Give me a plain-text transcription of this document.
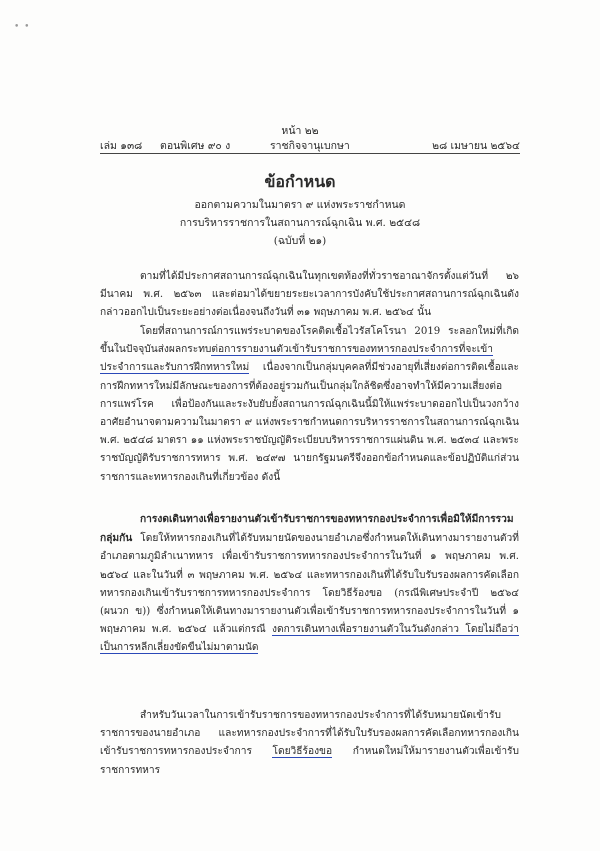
• •
หน้า ๒๒
เล่ม ๑๓๘ ตอนพิเศษ ๙๐ ง	ราชกิจจานุเบกษา	๒๘ เมษายน ๒๕๖๔
ข้อกำหนด
ออกตามความในมาตรา ๙ แห่งพระราชกำหนด
การบริหารราชการในสถานการณ์ฉุกเฉิน พ.ศ. ๒๕๔๘
(ฉบับที่ ๒๑)
ตามที่ได้มีประกาศสถานการณ์ฉุกเฉินในทุกเขตท้องที่ทั่วราชอาณาจักรตั้งแต่วันที่ ๒๖ มีนาคม พ.ศ. ๒๕๖๓ และต่อมาได้ขยายระยะเวลาการบังคับใช้ประกาศสถานการณ์ฉุกเฉินดังกล่าวออกไปเป็นระยะอย่างต่อเนื่องจนถึงวันที่ ๓๑ พฤษภาคม พ.ศ. ๒๕๖๔ นั้น
โดยที่สถานการณ์การแพร่ระบาดของโรคติดเชื้อไวรัสโคโรนา 2019 ระลอกใหม่ที่เกิดขึ้นในปัจจุบันส่งผลกระทบต่อการรายงานตัวเข้ารับราชการของทหารกองประจำการที่จะเข้าประจำการและรับการฝึกทหารใหม่ เนื่องจากเป็นกลุ่มบุคคลที่มีช่วงอายุที่เสี่ยงต่อการติดเชื้อและการฝึกทหารใหม่มีลักษณะของการที่ต้องอยู่รวมกันเป็นกลุ่มใกล้ชิดซึ่งอาจทำให้มีความเสี่ยงต่อการแพร่โรค เพื่อป้องกันและระงับยับยั้งสถานการณ์ฉุกเฉินนี้มิให้แพร่ระบาดออกไปเป็นวงกว้าง อาศัยอำนาจตามความในมาตรา ๙ แห่งพระราชกำหนดการบริหารราชการในสถานการณ์ฉุกเฉิน พ.ศ. ๒๕๔๘ มาตรา ๑๑ แห่งพระราชบัญญัติระเบียบบริหารราชการแผ่นดิน พ.ศ. ๒๕๓๔ และพระราชบัญญัติรับราชการทหาร พ.ศ. ๒๔๙๗ นายกรัฐมนตรีจึงออกข้อกำหนดและข้อปฏิบัติแก่ส่วนราชการและทหารกองเกินที่เกี่ยวข้อง ดังนี้
การงดเดินทางเพื่อรายงานตัวเข้ารับราชการของทหารกองประจำการเพื่อมิให้มีการรวมกลุ่มกัน โดยให้ทหารกองเกินที่ได้รับหมายนัดของนายอำเภอซึ่งกำหนดให้เดินทางมารายงานตัวที่อำเภอตามภูมิลำเนาทหาร เพื่อเข้ารับราชการทหารกองประจำการในวันที่ ๑ พฤษภาคม พ.ศ. ๒๕๖๔ และในวันที่ ๓ พฤษภาคม พ.ศ. ๒๕๖๔ และทหารกองเกินที่ได้รับใบรับรองผลการคัดเลือกทหารกองเกินเข้ารับราชการทหารกองประจำการ โดยวิธีร้องขอ (กรณีพิเศษประจำปี ๒๕๖๔ (ผนวก ข)) ซึ่งกำหนดให้เดินทางมารายงานตัวเพื่อเข้ารับราชการทหารกองประจำการในวันที่ ๑ พฤษภาคม พ.ศ. ๒๕๖๔ แล้วแต่กรณี งดการเดินทางเพื่อรายงานตัวในวันดังกล่าว โดยไม่ถือว่าเป็นการหลีกเลี่ยงขัดขืนไม่มาตามนัด
สำหรับวันเวลาในการเข้ารับราชการของทหารกองประจำการที่ได้รับหมายนัดเข้ารับราชการของนายอำเภอ และทหารกองประจำการที่ได้รับใบรับรองผลการคัดเลือกทหารกองเกินเข้ารับราชการทหารกองประจำการ โดยวิธีร้องขอ กำหนดใหม่ให้มารายงานตัวเพื่อเข้ารับราชการทหาร
